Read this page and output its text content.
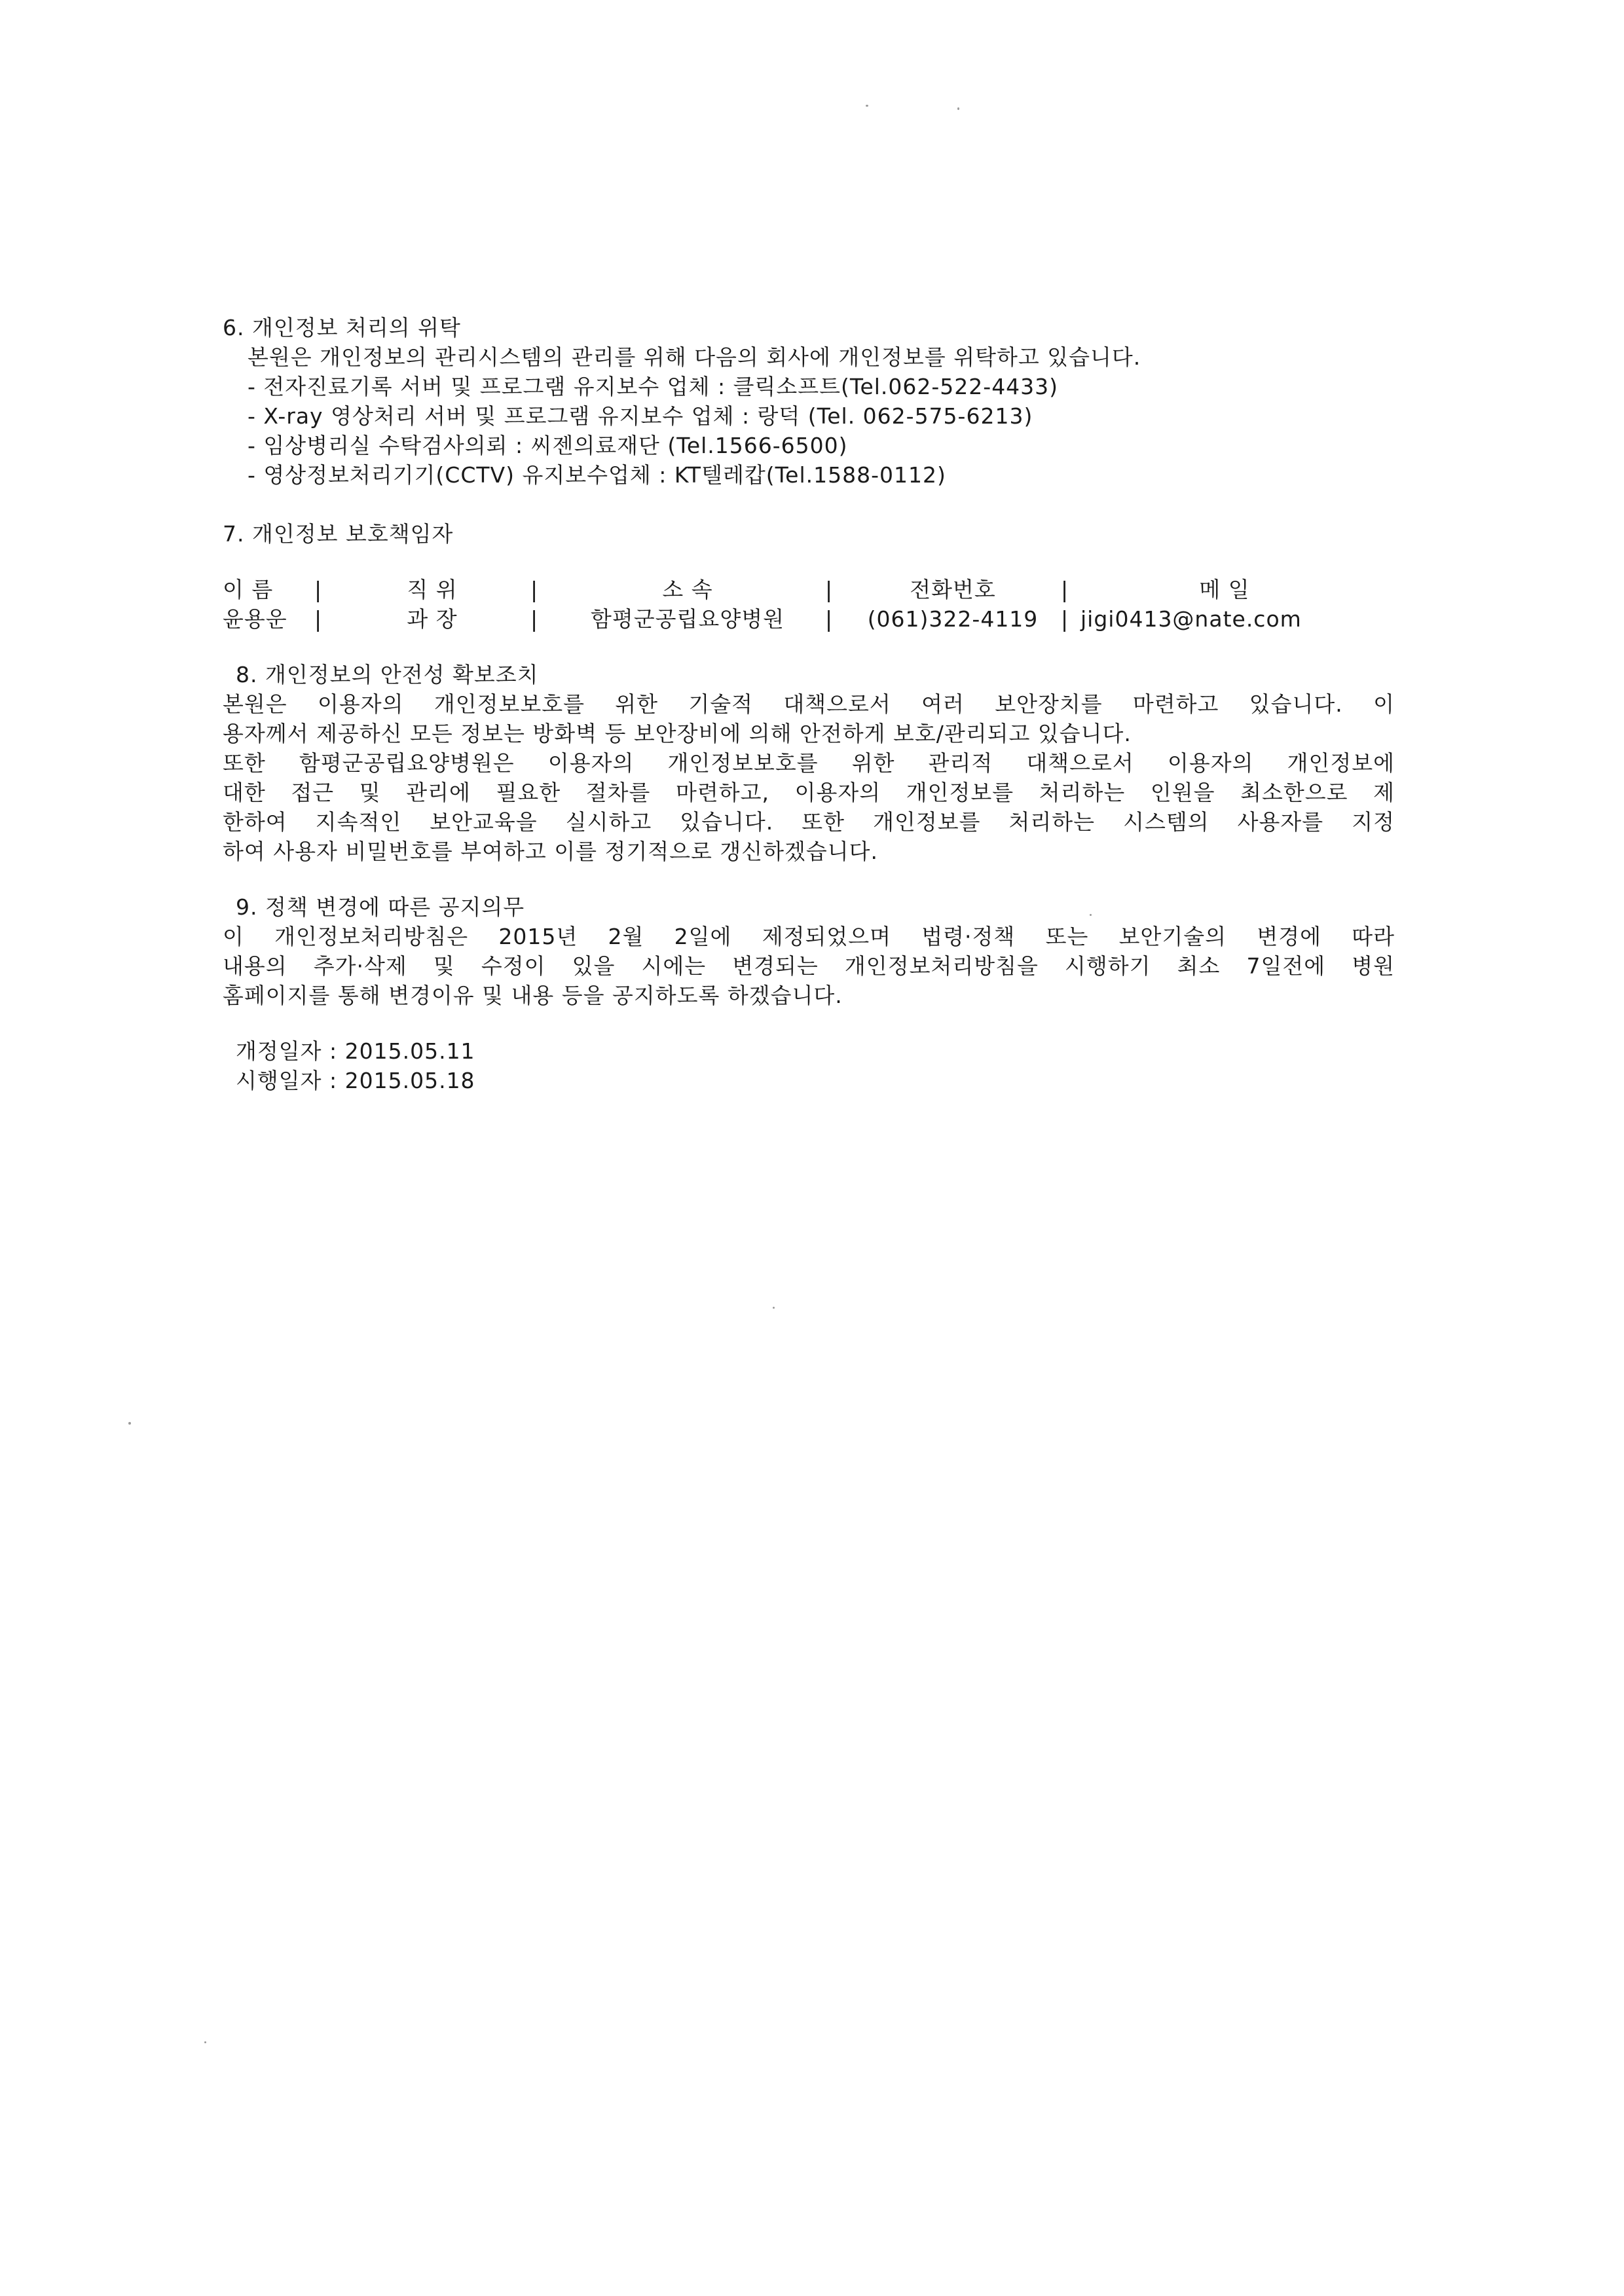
6. 개인정보 처리의 위탁
본원은 개인정보의 관리시스템의 관리를 위해 다음의 회사에 개인정보를 위탁하고 있습니다.
- 전자진료기록 서버 및 프로그램 유지보수 업체 : 클릭소프트(Tel.062-522-4433)
- X-ray 영상처리 서버 및 프로그램 유지보수 업체 : 랑덕 (Tel. 062-575-6213)
- 임상병리실 수탁검사의뢰 : 씨젠의료재단 (Tel.1566-6500)
- 영상정보처리기기(CCTV) 유지보수업체 : KT텔레캅(Tel.1588-0112)
7. 개인정보 보호책임자
이 름	|	직 위	|	소 속	|	전화번호	|	메 일
윤용운	|	과 장	|	함평군공립요양병원	|	(061)322-4119	| jigi0413@nate.com
8. 개인정보의 안전성 확보조치
본원은 이용자의 개인정보보호를 위한 기술적 대책으로서 여러 보안장치를 마련하고 있습니다. 이
용자께서 제공하신 모든 정보는 방화벽 등 보안장비에 의해 안전하게 보호/관리되고 있습니다.
또한 함평군공립요양병원은 이용자의 개인정보보호를 위한 관리적 대책으로서 이용자의 개인정보에
대한 접근 및 관리에 필요한 절차를 마련하고, 이용자의 개인정보를 처리하는 인원을 최소한으로 제
한하여 지속적인 보안교육을 실시하고 있습니다. 또한 개인정보를 처리하는 시스템의 사용자를 지정
하여 사용자 비밀번호를 부여하고 이를 정기적으로 갱신하겠습니다.
9. 정책 변경에 따른 공지의무
이 개인정보처리방침은 2015년 2월 2일에 제정되었으며 법령·정책 또는 보안기술의 변경에 따라
내용의 추가·삭제 및 수정이 있을 시에는 변경되는 개인정보처리방침을 시행하기 최소 7일전에 병원
홈페이지를 통해 변경이유 및 내용 등을 공지하도록 하겠습니다.
개정일자 : 2015.05.11
시행일자 : 2015.05.18
